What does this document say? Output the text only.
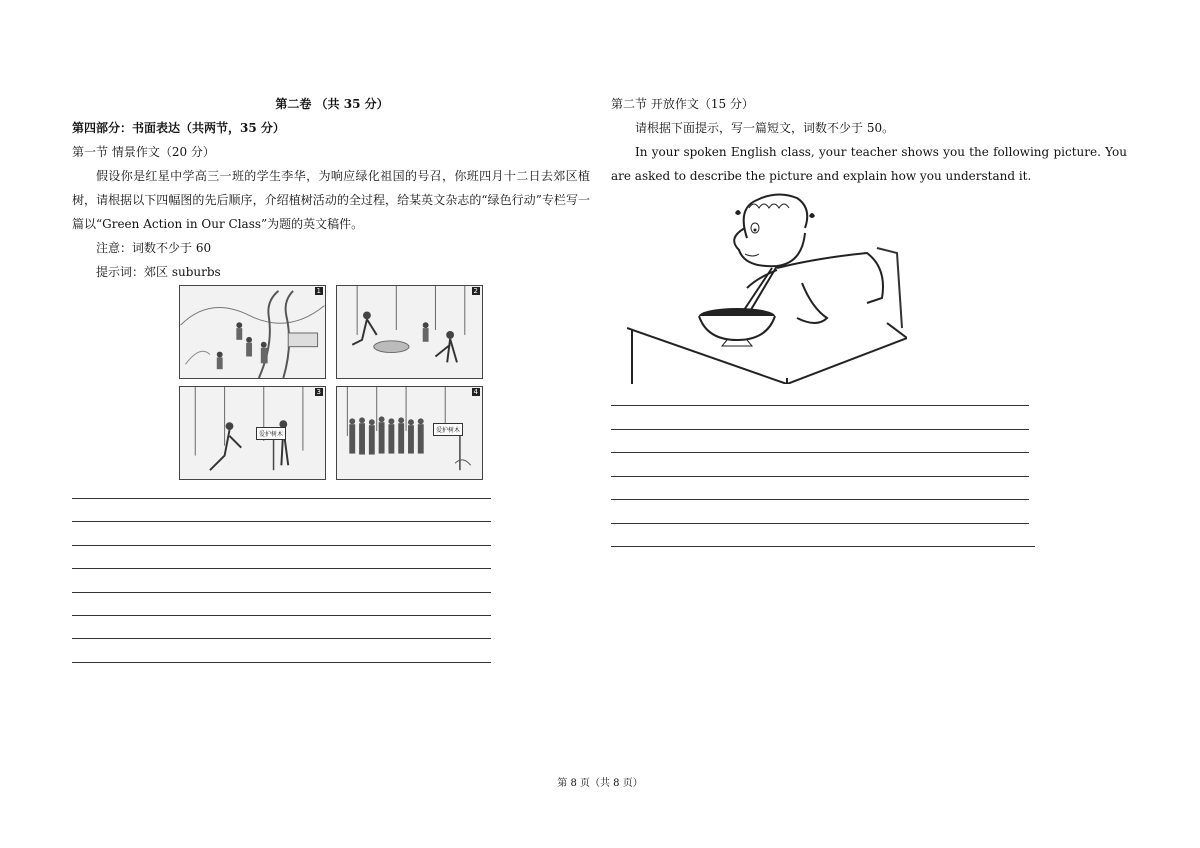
第二卷 （共 35 分）

第四部分：书面表达（共两节，35 分）

第一节 情景作文（20 分）

假设你是红星中学高三一班的学生李华，为响应绿化祖国的号召，你班四月十二日去郊区植树，请根据以下四幅图的先后顺序，介绍植树活动的全过程，给某英文杂志的“绿色行动”专栏写一篇以“Green Action in Our Class”为题的英文稿件。

注意：词数不少于 60

提示词：郊区 suburbs

1	2
3
爱护树木
4
爱护树木

第二节 开放作文（15 分）

请根据下面提示，写一篇短文，词数不少于 50。

In your spoken English class, your teacher shows you the following picture. You are asked to describe the picture and explain how you understand it.

第 8 页（共 8 页）
